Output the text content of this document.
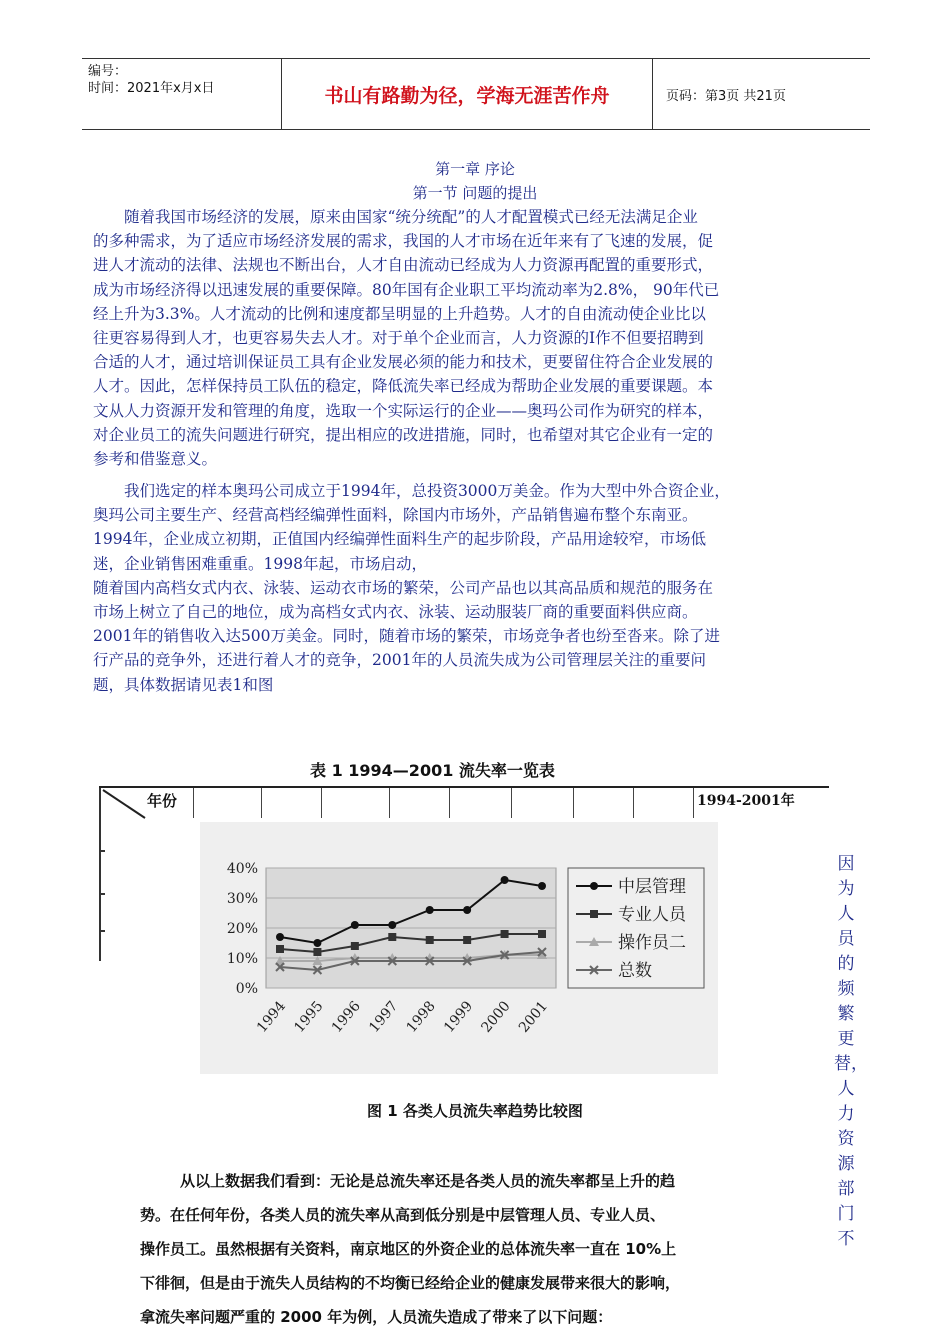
编号：
时间：2021年x月x日	书山有路勤为径，学海无涯苦作舟	页码：第3页 共21页
第一章 序论
第一节 问题的提出
随着我国市场经济的发展，原来由国家“统分统配”的人才配置模式已经无法满足企业
的多种需求，为了适应市场经济发展的需求，我国的人才市场在近年来有了飞速的发展，促
进人才流动的法律、法规也不断出台，人才自由流动已经成为人力资源再配置的重要形式，
成为市场经济得以迅速发展的重要保障。80年国有企业职工平均流动率为2.8%， 90年代已
经上升为3.3%。人才流动的比例和速度都呈明显的上升趋势。人才的自由流动使企业比以
往更容易得到人才，也更容易失去人才。对于单个企业而言，人力资源的I作不但要招聘到
合适的人才，通过培训保证员工具有企业发展必须的能力和技术，更要留住符合企业发展的
人才。因此，怎样保持员工队伍的稳定，降低流失率已经成为帮助企业发展的重要课题。本
文从人力资源开发和管理的角度，选取一个实际运行的企业——奥玛公司作为研究的样本，
对企业员工的流失问题进行研究，提出相应的改进措施，同时，也希望对其它企业有一定的
参考和借鉴意义。
我们选定的样本奥玛公司成立于1994年，总投资3000万美金。作为大型中外合资企业，
奥玛公司主要生产、经营高档经编弹性面料，除国内市场外，产品销售遍布整个东南亚。
1994年，企业成立初期，正值国内经编弹性面料生产的起步阶段，产品用途较窄，市场低
迷，企业销售困难重重。1998年起，市场启动，
随着国内高档女式内衣、泳装、运动衣市场的繁荣，公司产品也以其高品质和规范的服务在
市场上树立了自己的地位，成为高档女式内衣、泳装、运动服装厂商的重要面料供应商。
2001年的销售收入达500万美金。同时，随着市场的繁荣，市场竞争者也纷至沓来。除了进
行产品的竞争外，还进行着人才的竞争，2001年的人员流失成为公司管理层关注的重要问
题，具体数据请见表1和图
表 1 1994—2001 流失率一览表
年份	1994-2001年
40%
30%
20%
10%
0%
1994 1995 1996 1997 1998 1999 2000 2001
中层管理
专业人员
操作员二
总数
图 1 各类人员流失率趋势比较图
因
为
人
员
的
频
繁
更
替，
人
力
资
源
部
门
不
从以上数据我们看到：无论是总流失率还是各类人员的流失率都呈上升的趋
势。在任何年份，各类人员的流失率从高到低分别是中层管理人员、专业人员、
操作员工。虽然根据有关资料，南京地区的外资企业的总体流失率一直在 10%上
下徘徊，但是由于流失人员结构的不均衡已经给企业的健康发展带来很大的影响，
拿流失率问题严重的 2000 年为例，人员流失造成了带来了以下问题：
